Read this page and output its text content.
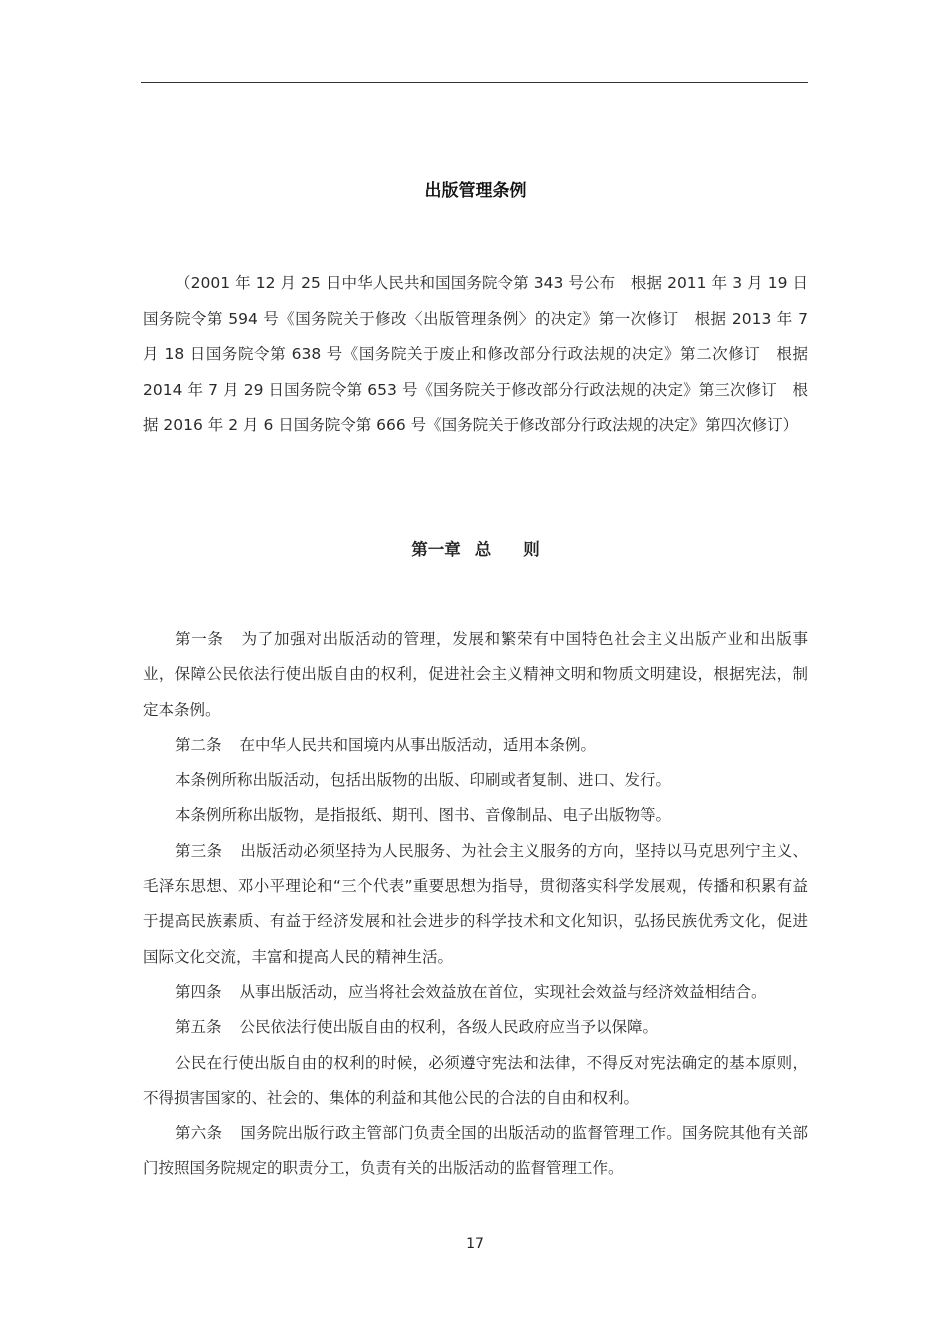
出版管理条例

（2001 年 12 月 25 日中华人民共和国国务院令第 343 号公布　根据 2011 年 3 月 19 日国务院令第 594 号《国务院关于修改〈出版管理条例〉的决定》第一次修订　根据 2013 年 7 月 18 日国务院令第 638 号《国务院关于废止和修改部分行政法规的决定》第二次修订　根据 2014 年 7 月 29 日国务院令第 653 号《国务院关于修改部分行政法规的决定》第三次修订　根据 2016 年 2 月 6 日国务院令第 666 号《国务院关于修改部分行政法规的决定》第四次修订）

第一章 总则

第一条 为了加强对出版活动的管理，发展和繁荣有中国特色社会主义出版产业和出版事业，保障公民依法行使出版自由的权利，促进社会主义精神文明和物质文明建设，根据宪法，制定本条例。

第二条 在中华人民共和国境内从事出版活动，适用本条例。

本条例所称出版活动，包括出版物的出版、印刷或者复制、进口、发行。

本条例所称出版物，是指报纸、期刊、图书、音像制品、电子出版物等。

第三条 出版活动必须坚持为人民服务、为社会主义服务的方向，坚持以马克思列宁主义、毛泽东思想、邓小平理论和“三个代表”重要思想为指导，贯彻落实科学发展观，传播和积累有益于提高民族素质、有益于经济发展和社会进步的科学技术和文化知识，弘扬民族优秀文化，促进国际文化交流，丰富和提高人民的精神生活。

第四条 从事出版活动，应当将社会效益放在首位，实现社会效益与经济效益相结合。

第五条 公民依法行使出版自由的权利，各级人民政府应当予以保障。

公民在行使出版自由的权利的时候，必须遵守宪法和法律，不得反对宪法确定的基本原则，不得损害国家的、社会的、集体的利益和其他公民的合法的自由和权利。

第六条 国务院出版行政主管部门负责全国的出版活动的监督管理工作。国务院其他有关部门按照国务院规定的职责分工，负责有关的出版活动的监督管理工作。

17
